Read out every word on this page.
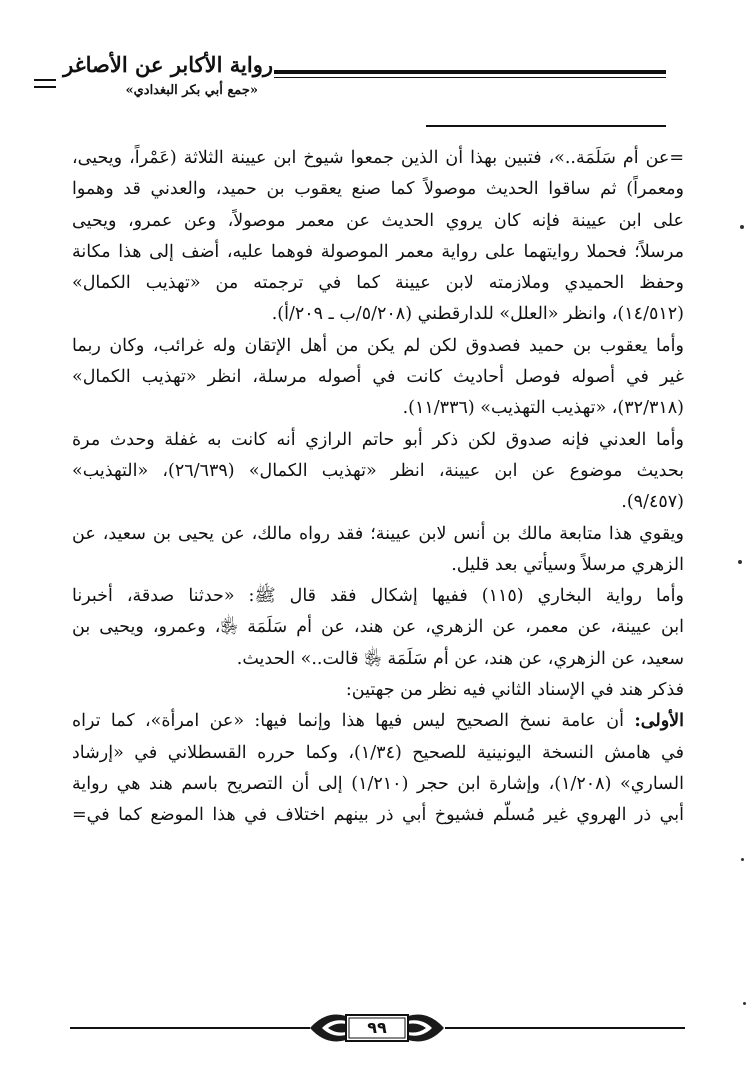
رواية الأكابر عن الأصاغر
«جمع أبي بكر البغدادي»

=عن أم سَلَمَة..»، فتبين بهذا أن الذين جمعوا شيوخ ابن عيينة الثلاثة (عَمْراً، ويحيى،
ومعمراً) ثم ساقوا الحديث موصولاً كما صنع يعقوب بن حميد، والعدني قد وهموا
على ابن عيينة فإنه كان يروي الحديث عن معمر موصولاً، وعن عمرو، ويحيى
مرسلاً؛ فحملا روايتهما على رواية معمر الموصولة فوهما عليه، أضف إلى هذا مكانة
وحفظ الحميدي وملازمته لابن عيينة كما في ترجمته من «تهذيب الكمال»
(١٤/٥١٢)، وانظر «العلل» للدارقطني (٥/٢٠٨/ب ـ ٢٠٩/أ).

وأما يعقوب بن حميد فصدوق لكن لم يكن من أهل الإتقان وله غرائب، وكان ربما
غير في أصوله فوصل أحاديث كانت في أصوله مرسلة، انظر «تهذيب الكمال»
(٣٢/٣١٨)، «تهذيب التهذيب» (١١/٣٣٦).

وأما العدني فإنه صدوق لكن ذكر أبو حاتم الرازي أنه كانت به غفلة وحدث مرة
بحديث موضوع عن ابن عيينة، انظر «تهذيب الكمال» (٢٦/٦٣٩)، «التهذيب»
(٩/٤٥٧).

ويقوي هذا متابعة مالك بن أنس لابن عيينة؛ فقد رواه مالك، عن يحيى بن سعيد، عن
الزهري مرسلاً وسيأتي بعد قليل.

وأما رواية البخاري (١١٥) ففيها إشكال فقد قال ﷺ: «حدثنا صدقة، أخبرنا
ابن عيينة، عن معمر، عن الزهري، عن هند، عن أم سَلَمَة ﵂، وعمرو، ويحيى بن
سعيد، عن الزهري، عن هند، عن أم سَلَمَة ﵂ قالت..» الحديث.

فذكر هند في الإسناد الثاني فيه نظر من جهتين:

الأولى: أن عامة نسخ الصحيح ليس فيها هذا وإنما فيها: «عن امرأة»، كما تراه
في هامش النسخة اليونينية للصحيح (١/٣٤)، وكما حرره القسطلاني في «إرشاد
الساري» (١/٢٠٨)، وإشارة ابن حجر (١/٢١٠) إلى أن التصريح باسم هند هي رواية
أبي ذر الهروي غير مُسلّم فشيوخ أبي ذر بينهم اختلاف في هذا الموضع كما في=

٩٩
